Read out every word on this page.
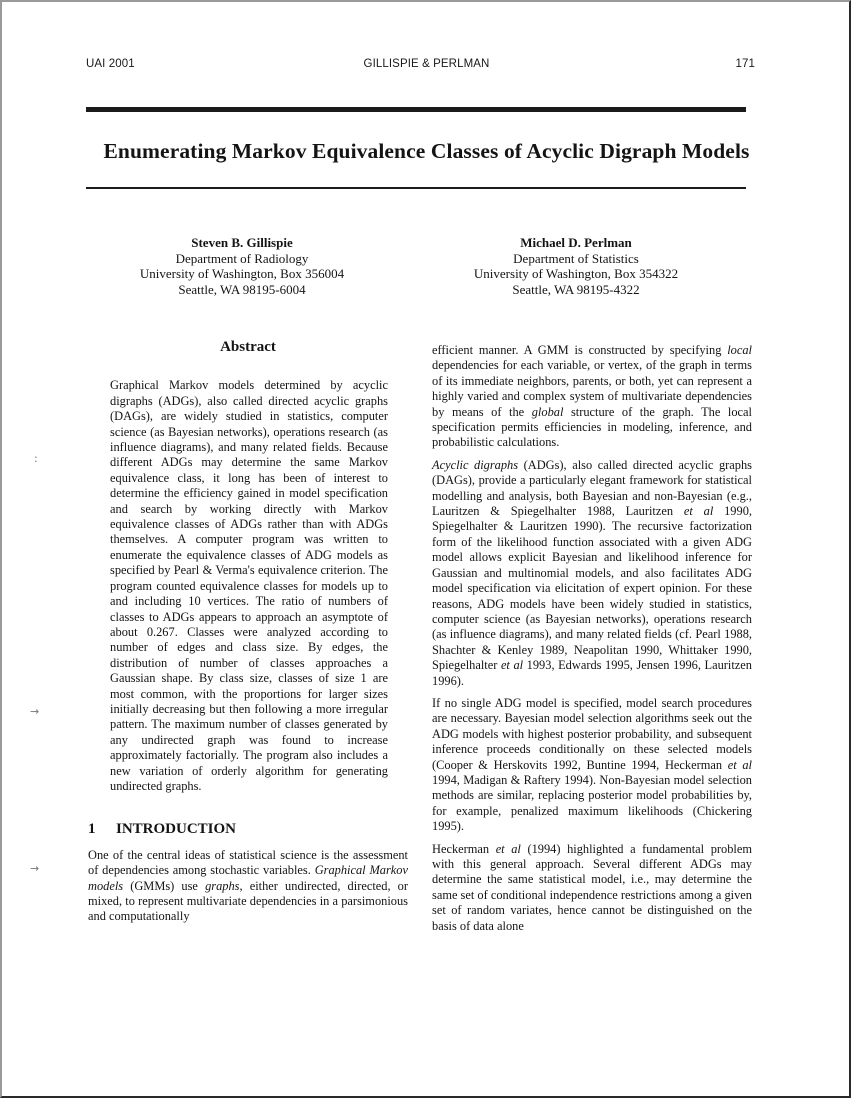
UAI 2001	GILLISPIE & PERLMAN	171
Enumerating Markov Equivalence Classes of Acyclic Digraph Models
Steven B. Gillispie
Department of Radiology
University of Washington, Box 356004
Seattle, WA 98195-6004
Michael D. Perlman
Department of Statistics
University of Washington, Box 354322
Seattle, WA 98195-4322
Abstract

Graphical Markov models determined by acyclic digraphs (ADGs), also called directed acyclic graphs (DAGs), are widely studied in statistics, computer science (as Bayesian networks), operations research (as influence diagrams), and many related fields. Because different ADGs may determine the same Markov equivalence class, it long has been of interest to determine the efficiency gained in model specification and search by working directly with Markov equivalence classes of ADGs rather than with ADGs themselves. A computer program was written to enumerate the equivalence classes of ADG models as specified by Pearl & Verma's equivalence criterion. The program counted equivalence classes for models up to and including 10 vertices. The ratio of numbers of classes to ADGs appears to approach an asymptote of about 0.267. Classes were analyzed according to number of edges and class size. By edges, the distribution of number of classes approaches a Gaussian shape. By class size, classes of size 1 are most common, with the proportions for larger sizes initially decreasing but then following a more irregular pattern. The maximum number of classes generated by any undirected graph was found to increase approximately factorially. The program also includes a new variation of orderly algorithm for generating undirected graphs.

1 INTRODUCTION

One of the central ideas of statistical science is the assessment of dependencies among stochastic variables. Graphical Markov models (GMMs) use graphs, either undirected, directed, or mixed, to represent multivariate dependencies in a parsimonious and computationally

efficient manner. A GMM is constructed by specifying local dependencies for each variable, or vertex, of the graph in terms of its immediate neighbors, parents, or both, yet can represent a highly varied and complex system of multivariate dependencies by means of the global structure of the graph. The local specification permits efficiencies in modeling, inference, and probabilistic calculations.

Acyclic digraphs (ADGs), also called directed acyclic graphs (DAGs), provide a particularly elegant framework for statistical modelling and analysis, both Bayesian and non-Bayesian (e.g., Lauritzen & Spiegelhalter 1988, Lauritzen et al 1990, Spiegelhalter & Lauritzen 1990). The recursive factorization form of the likelihood function associated with a given ADG model allows explicit Bayesian and likelihood inference for Gaussian and multinomial models, and also facilitates ADG model specification via elicitation of expert opinion. For these reasons, ADG models have been widely studied in statistics, computer science (as Bayesian networks), operations research (as influence diagrams), and many related fields (cf. Pearl 1988, Shachter & Kenley 1989, Neapolitan 1990, Whittaker 1990, Spiegelhalter et al 1993, Edwards 1995, Jensen 1996, Lauritzen 1996).

If no single ADG model is specified, model search procedures are necessary. Bayesian model selection algorithms seek out the ADG models with highest posterior probability, and subsequent inference proceeds conditionally on these selected models (Cooper & Herskovits 1992, Buntine 1994, Heckerman et al 1994, Madigan & Raftery 1994). Non-Bayesian model selection methods are similar, replacing posterior model probabilities by, for example, penalized maximum likelihoods (Chickering 1995).

Heckerman et al (1994) highlighted a fundamental problem with this general approach. Several different ADGs may determine the same statistical model, i.e., may determine the same set of conditional independence restrictions among a given set of random variates, hence cannot be distinguished on the basis of data alone

:
→
→
